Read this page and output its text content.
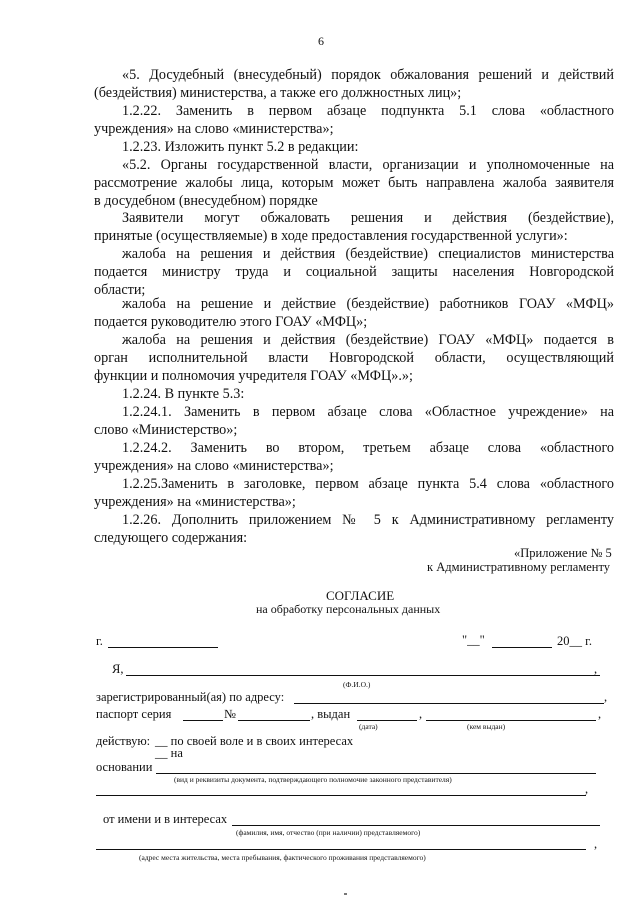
6
«5. Досудебный (внесудебный) порядок обжалования решений и действий
(бездействия) министерства, а также его должностных лиц»;
1.2.22. Заменить в первом абзаце подпункта 5.1 слова «областного
учреждения» на слово «министерства»;
1.2.23. Изложить пункт 5.2 в редакции:
«5.2. Органы государственной власти, организации и уполномоченные на
рассмотрение жалобы лица, которым может быть направлена жалоба заявителя
в досудебном (внесудебном) порядке
Заявители могут обжаловать решения и действия (бездействие),
принятые (осуществляемые) в ходе предоставления государственной услуги»:
жалоба на решения и действия (бездействие) специалистов министерства
подается министру труда и социальной защиты населения Новгородской
области;
жалоба на решение и действие (бездействие) работников ГОАУ «МФЦ»
подается руководителю этого ГОАУ «МФЦ»;
жалоба на решения и действия (бездействие) ГОАУ «МФЦ» подается в
орган исполнительной власти Новгородской области, осуществляющий
функции и полномочия учредителя ГОАУ «МФЦ».»;
1.2.24. В пункте 5.3:
1.2.24.1. Заменить в первом абзаце слова «Областное учреждение» на
слово «Министерство»;
1.2.24.2. Заменить во втором, третьем абзаце слова «областного
учреждения» на слово «министерства»;
1.2.25.Заменить в заголовке, первом абзаце пункта 5.4 слова «областного
учреждения» на «министерства»;
1.2.26. Дополнить приложением № 5 к Административному регламенту
следующего содержания:
«Приложение № 5
к Административному регламенту
СОГЛАСИЕ
на обработку персональных данных
г.	"__"	20__ г.
Я,	,
(Ф.И.О.)
зарегистрированный(ая) по адресу:	,
паспорт серия	№	, выдан	,	,
(дата)	(кем выдан)
действую: __ по своей воле и в своих интересах
__ на
основании
(вид и реквизиты документа, подтверждающего полномочие законного представителя)
,
от имени и в интересах
(фамилия, имя, отчество (при наличии) представляемого)
,
(адрес места жительства, места пребывания, фактического проживания представляемого)
